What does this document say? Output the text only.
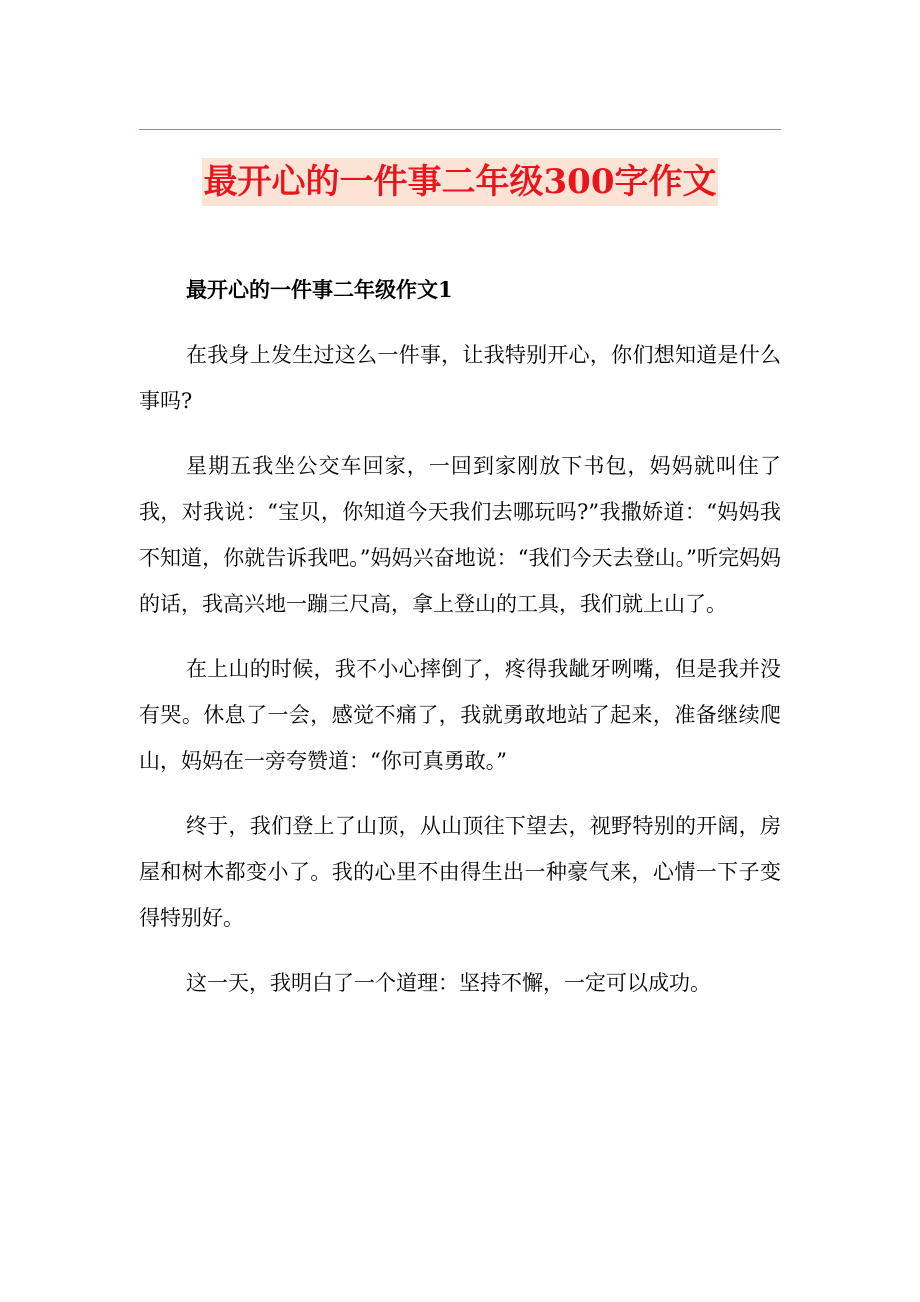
最开心的一件事二年级300字作文

最开心的一件事二年级作文1

在我身上发生过这么一件事，让我特别开心，你们想知道是什么事吗?

星期五我坐公交车回家，一回到家刚放下书包，妈妈就叫住了我，对我说：“宝贝，你知道今天我们去哪玩吗?”我撒娇道：“妈妈我不知道，你就告诉我吧。”妈妈兴奋地说：“我们今天去登山。”听完妈妈的话，我高兴地一蹦三尺高，拿上登山的工具，我们就上山了。

在上山的时候，我不小心摔倒了，疼得我龇牙咧嘴，但是我并没有哭。休息了一会，感觉不痛了，我就勇敢地站了起来，准备继续爬山，妈妈在一旁夸赞道：“你可真勇敢。”

终于，我们登上了山顶，从山顶往下望去，视野特别的开阔，房屋和树木都变小了。我的心里不由得生出一种豪气来，心情一下子变得特别好。

这一天，我明白了一个道理：坚持不懈，一定可以成功。
